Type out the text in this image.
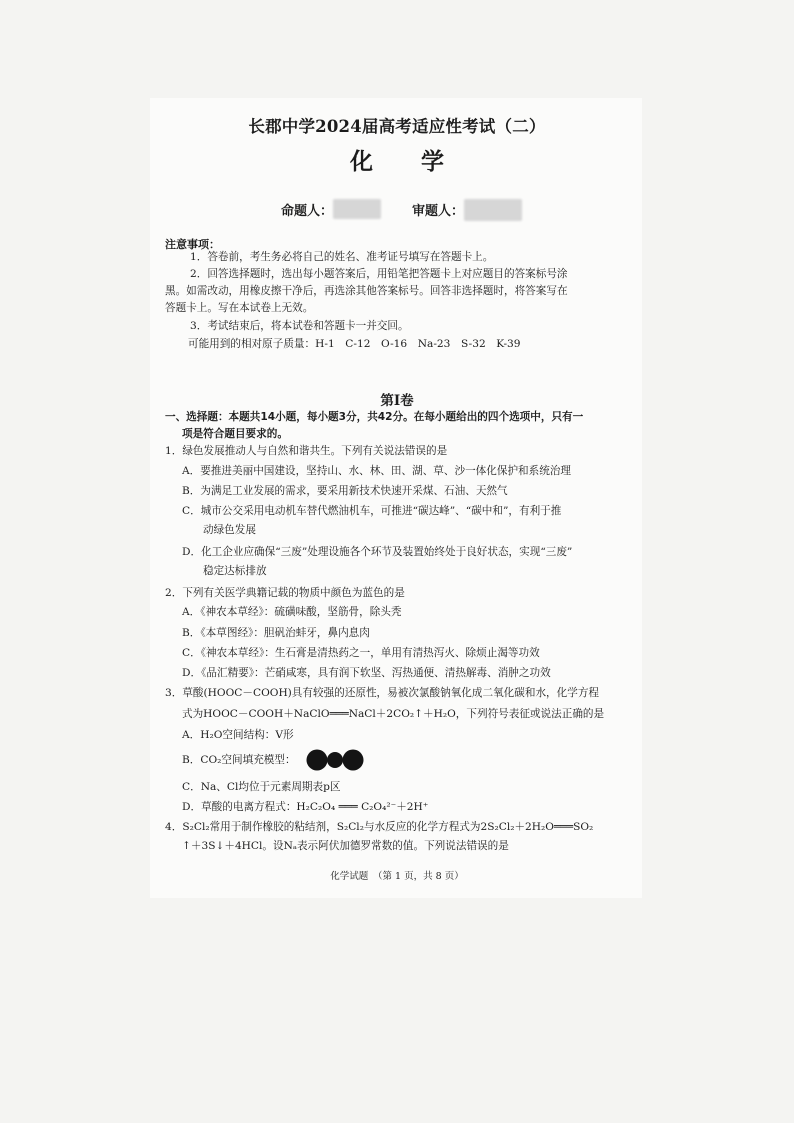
长郡中学2024届高考适应性考试（二）
化 学
命题人：	审题人：
注意事项：
1．答卷前，考生务必将自己的姓名、准考证号填写在答题卡上。
2．回答选择题时，选出每小题答案后，用铅笔把答题卡上对应题目的答案标号涂
黑。如需改动，用橡皮擦干净后，再选涂其他答案标号。回答非选择题时，将答案写在
答题卡上。写在本试卷上无效。
3．考试结束后，将本试卷和答题卡一并交回。
可能用到的相对原子质量：H-1　C-12　O-16　Na-23　S-32　K-39
第Ⅰ卷
一、选择题：本题共14小题，每小题3分，共42分。在每小题给出的四个选项中，只有一
项是符合题目要求的。
1．绿色发展推动人与自然和谐共生。下列有关说法错误的是
A．要推进美丽中国建设，坚持山、水、林、田、湖、草、沙一体化保护和系统治理
B．为满足工业发展的需求，要采用新技术快速开采煤、石油、天然气
C．城市公交采用电动机车替代燃油机车，可推进“碳达峰”、“碳中和”，有利于推
动绿色发展
D．化工企业应确保“三废”处理设施各个环节及装置始终处于良好状态，实现“三废”
稳定达标排放
2．下列有关医学典籍记载的物质中颜色为蓝色的是
A．《神农本草经》：硫磺味酸，坚筋骨，除头秃
B．《本草图经》：胆矾治蚌牙，鼻内息肉
C．《神农本草经》：生石膏是清热药之一，单用有清热泻火、除烦止渴等功效
D．《品汇精要》：芒硝咸寒，具有润下软坚、泻热通便、清热解毒、消肿之功效
3．草酸(HOOC－COOH)具有较强的还原性，易被次氯酸钠氧化成二氧化碳和水，化学方程
式为HOOC－COOH＋NaClO═══NaCl＋2CO₂↑＋H₂O，下列符号表征或说法正确的是
A．H₂O空间结构：V形
B．CO₂空间填充模型：
C．Na、Cl均位于元素周期表p区
D．草酸的电离方程式：H₂C₂O₄ ═══ C₂O₄²⁻＋2H⁺
4．S₂Cl₂常用于制作橡胶的粘结剂，S₂Cl₂与水反应的化学方程式为2S₂Cl₂＋2H₂O═══SO₂
↑＋3S↓＋4HCl。设Nₐ表示阿伏加德罗常数的值。下列说法错误的是
化学试题　（第 1 页，共 8 页）
